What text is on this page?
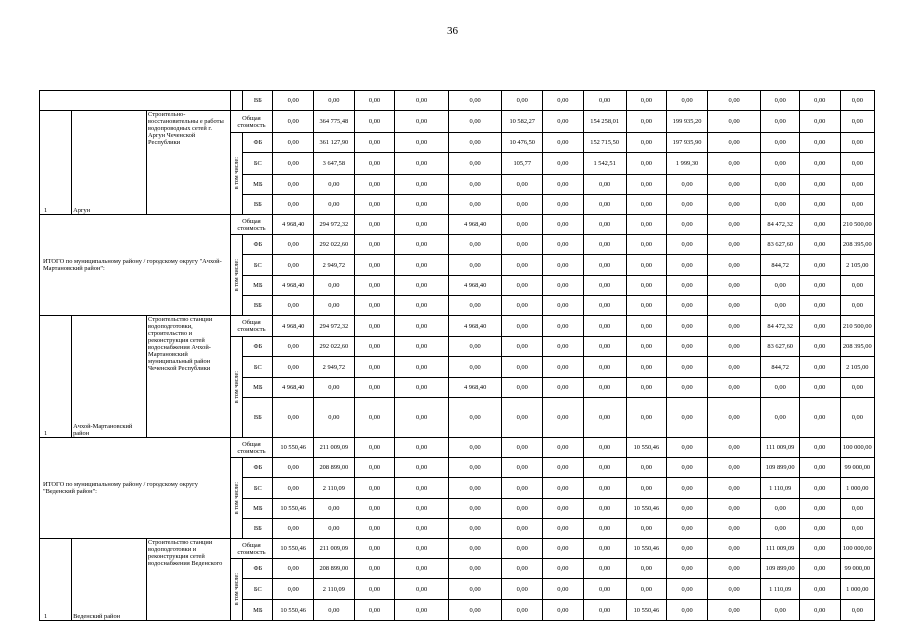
36
				ВБ	0,00	0,00	0,00	0,00	0,00	0,00	0,00	0,00	0,00	0,00	0,00	0,00	0,00	0,00
1	Аргун	Строительно-восстановительны е работы водопроводных сетей г. Аргун Чеченской Республики	Общая стоимость		0,00	364 775,48	0,00	0,00	0,00	10 582,27	0,00	154 258,01	0,00	199 935,20	0,00	0,00	0,00	0,00

			в том числе:	ФБ	0,00	361 127,90	0,00	0,00	0,00	10 476,50	0,00	152 715,50	0,00	197 935,90	0,00	0,00	0,00	0,00
				БС	0,00	3 647,58	0,00	0,00	0,00	105,77	0,00	1 542,51	0,00	1 999,30	0,00	0,00	0,00	0,00
				МБ	0,00	0,00	0,00	0,00	0,00	0,00	0,00	0,00	0,00	0,00	0,00	0,00	0,00	0,00
				ВБ	0,00	0,00	0,00	0,00	0,00	0,00	0,00	0,00	0,00	0,00	0,00	0,00	0,00	0,00
ИТОГО по муниципальному району / городскому округу "Ачхой-Мартановский район":			Общая стоимость		4 968,40	294 972,32	0,00	0,00	4 968,40	0,00	0,00	0,00	0,00	0,00	0,00	84 472,32	0,00	210 500,00

			в том числе:	ФБ	0,00	292 022,60	0,00	0,00	0,00	0,00	0,00	0,00	0,00	0,00	0,00	83 627,60	0,00	208 395,00
				БС	0,00	2 949,72	0,00	0,00	0,00	0,00	0,00	0,00	0,00	0,00	0,00	844,72	0,00	2 105,00
				МБ	4 968,40	0,00	0,00	0,00	4 968,40	0,00	0,00	0,00	0,00	0,00	0,00	0,00	0,00	0,00
				ВБ	0,00	0,00	0,00	0,00	0,00	0,00	0,00	0,00	0,00	0,00	0,00	0,00	0,00	0,00
1	Ачхой-Мартановский район	Строительство станции водоподготовки, строительство и реконструкция сетей водоснабжения Ачхой-Мартановский муниципальный район Чеченской Республики	Общая стоимость		4 968,40	294 972,32	0,00	0,00	4 968,40	0,00	0,00	0,00	0,00	0,00	0,00	84 472,32	0,00	210 500,00

			в том числе:	ФБ	0,00	292 022,60	0,00	0,00	0,00	0,00	0,00	0,00	0,00	0,00	0,00	83 627,60	0,00	208 395,00
				БС	0,00	2 949,72	0,00	0,00	0,00	0,00	0,00	0,00	0,00	0,00	0,00	844,72	0,00	2 105,00
				МБ	4 968,40	0,00	0,00	0,00	4 968,40	0,00	0,00	0,00	0,00	0,00	0,00	0,00	0,00	0,00
				ВБ	0,00	0,00	0,00	0,00	0,00	0,00	0,00	0,00	0,00	0,00	0,00	0,00	0,00	0,00
ИТОГО по муниципальному району / городскому округу "Веденский район":			Общая стоимость		10 550,46	211 009,09	0,00	0,00	0,00	0,00	0,00	0,00	10 550,46	0,00	0,00	111 009,09	0,00	100 000,00

			в том числе:	ФБ	0,00	208 899,00	0,00	0,00	0,00	0,00	0,00	0,00	0,00	0,00	0,00	109 899,00	0,00	99 000,00
				БС	0,00	2 110,09	0,00	0,00	0,00	0,00	0,00	0,00	0,00	0,00	0,00	1 110,09	0,00	1 000,00
				МБ	10 550,46	0,00	0,00	0,00	0,00	0,00	0,00	0,00	10 550,46	0,00	0,00	0,00	0,00	0,00
				ВБ	0,00	0,00	0,00	0,00	0,00	0,00	0,00	0,00	0,00	0,00	0,00	0,00	0,00	0,00
1	Веденский район	Строительство станции водоподготовки и реконструкция сетей водоснабжения Веденского	Общая стоимость		10 550,46	211 009,09	0,00	0,00	0,00	0,00	0,00	0,00	10 550,46	0,00	0,00	111 009,09	0,00	100 000,00

			в том числе:	ФБ	0,00	208 899,00	0,00	0,00	0,00	0,00	0,00	0,00	0,00	0,00	0,00	109 899,00	0,00	99 000,00
				БС	0,00	2 110,09	0,00	0,00	0,00	0,00	0,00	0,00	0,00	0,00	0,00	1 110,09	0,00	1 000,00
				МБ	10 550,46	0,00	0,00	0,00	0,00	0,00	0,00	0,00	10 550,46	0,00	0,00	0,00	0,00	0,00
